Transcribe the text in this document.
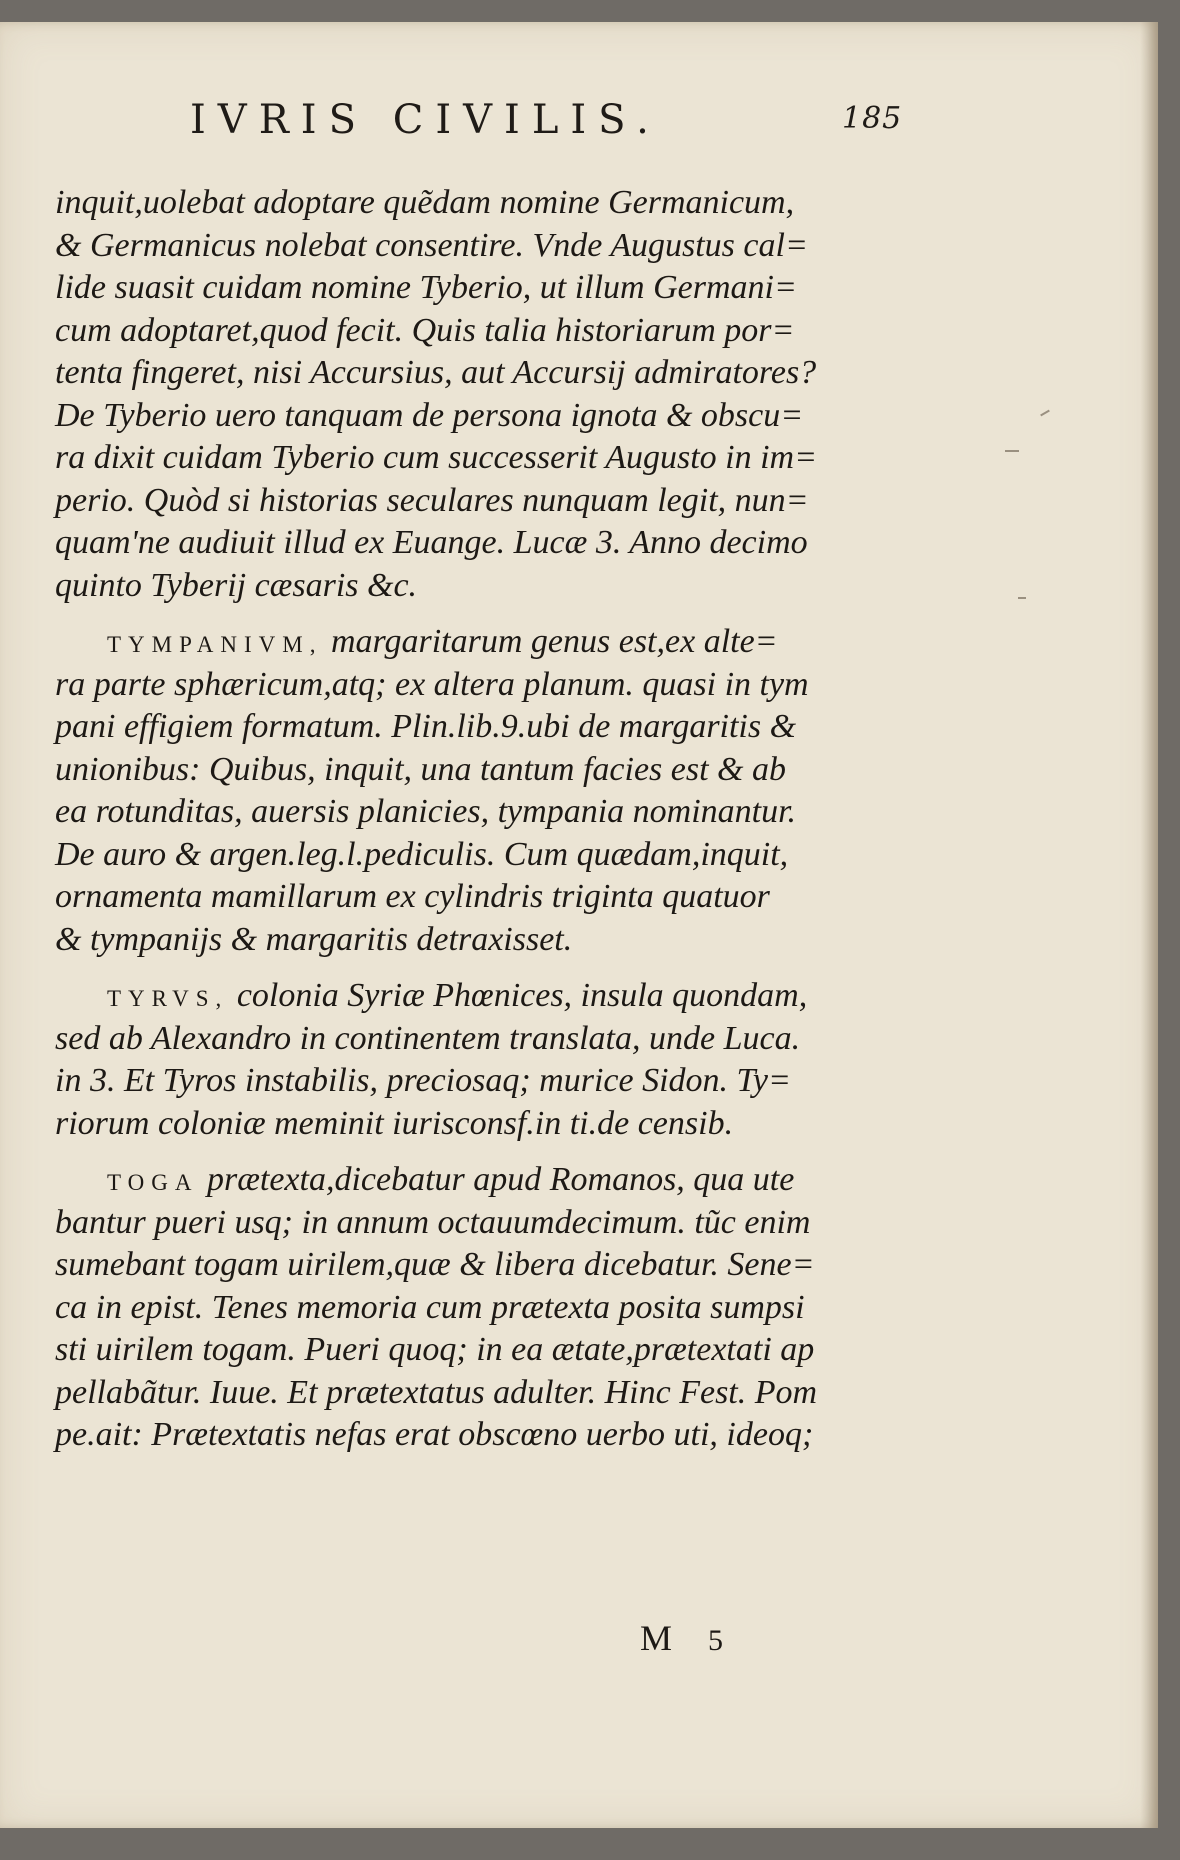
IVRIS CIVILIS.	185
inquit,uolebat adoptare quẽdam nomine Germanicum,
& Germanicus nolebat consentire. Vnde Augustus cal=
lide suasit cuidam nomine Tyberio, ut illum Germani=
cum adoptaret,quod fecit. Quis talia historiarum por=
tenta fingeret, nisi Accursius, aut Accursij admiratores?
De Tyberio uero tanquam de persona ignota & obscu=
ra dixit cuidam Tyberio cum successerit Augusto in im=
perio. Quòd si historias seculares nunquam legit, nun=
quam'ne audiuit illud ex Euange. Lucæ 3. Anno decimo
quinto Tyberij cæsaris &c.
TYMPANIVM, margaritarum genus est,ex alte=
ra parte sphæricum,atq; ex altera planum. quasi in tym
pani effigiem formatum. Plin.lib.9.ubi de margaritis &
unionibus: Quibus, inquit, una tantum facies est & ab
ea rotunditas, auersis planicies, tympania nominantur.
De auro & argen.leg.l.pediculis. Cum quædam,inquit,
ornamenta mamillarum ex cylindris triginta quatuor
& tympanijs & margaritis detraxisset.
TYRVS, colonia Syriæ Phœnices, insula quondam,
sed ab Alexandro in continentem translata, unde Luca.
in 3. Et Tyros instabilis, preciosaq; murice Sidon. Ty=
riorum coloniæ meminit iurisconsf.in ti.de censib.
TOGA prætexta,dicebatur apud Romanos, qua ute
bantur pueri usq; in annum octauumdecimum. tũc enim
sumebant togam uirilem,quæ & libera dicebatur. Sene=
ca in epist. Tenes memoria cum prætexta posita sumpsi
sti uirilem togam. Pueri quoq; in ea ætate,prætextati ap
pellabãtur. Iuue. Et prætextatus adulter. Hinc Fest. Pom
pe.ait: Prætextatis nefas erat obscœno uerbo uti, ideoq;
M 5
